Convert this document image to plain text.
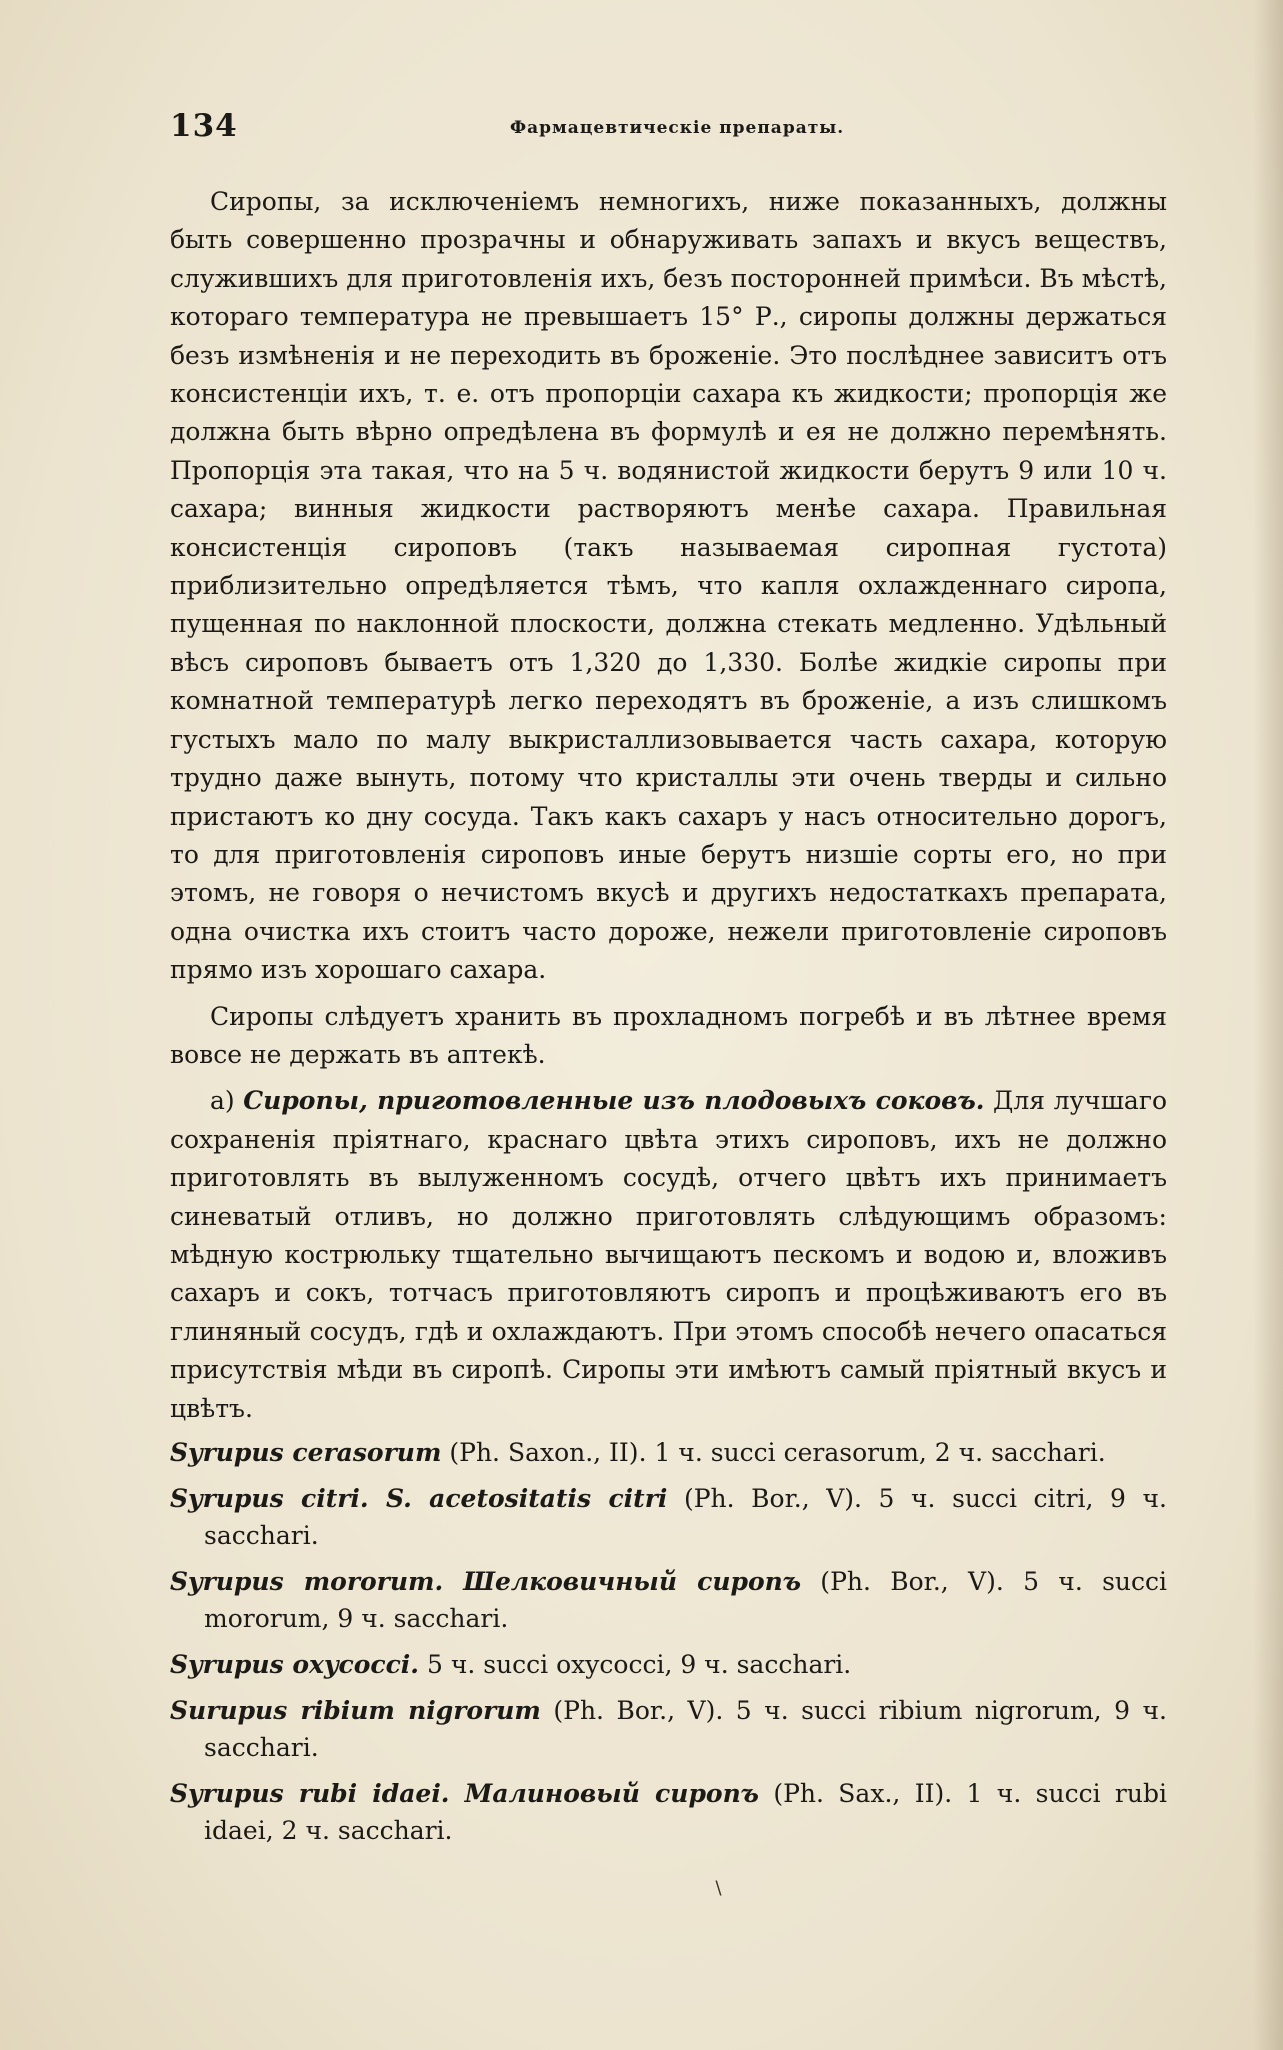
134	Фармацевтическiе препараты.

Сиропы, за исключенiемъ немногихъ, ниже показанныхъ, должны быть совершенно прозрачны и обнаруживать запахъ и вкусъ веществъ, служившихъ для приготовленiя ихъ, безъ посторонней примѣси. Въ мѣстѣ, котораго температура не превышаетъ 15° Р., сиропы должны держаться безъ измѣненiя и не переходить въ броженiе. Это послѣднее зависитъ отъ консистенцiи ихъ, т. е. отъ пропорцiи сахара къ жидкости; пропорцiя же должна быть вѣрно опредѣлена въ формулѣ и ея не должно перемѣнять. Пропорцiя эта такая, что на 5 ч. водянистой жидкости берутъ 9 или 10 ч. сахара; винныя жидкости растворяютъ менѣе сахара. Правильная консистенцiя сироповъ (такъ называемая сиропная густота) приблизительно опредѣляется тѣмъ, что капля охлажденнаго сиропа, пущенная по наклонной плоскости, должна стекать медленно. Удѣльный вѣсъ сироповъ бываетъ отъ 1,320 до 1,330. Болѣе жидкiе сиропы при комнатной температурѣ легко переходятъ въ броженiе, а изъ слишкомъ густыхъ мало по малу выкристаллизовывается часть сахара, которую трудно даже вынуть, потому что кристаллы эти очень тверды и сильно пристаютъ ко дну сосуда. Такъ какъ сахаръ у насъ относительно дорогъ, то для приготовленiя сироповъ иные берутъ низшiе сорты его, но при этомъ, не говоря о нечистомъ вкусѣ и другихъ недостаткахъ препарата, одна очистка ихъ стоитъ часто дороже, нежели приготовленiе сироповъ прямо изъ хорошаго сахара.

Сиропы слѣдуетъ хранить въ прохладномъ погребѣ и въ лѣтнее время вовсе не держать въ аптекѣ.

а) Сиропы, приготовленные изъ плодовыхъ соковъ. Для лучшаго сохраненiя прiятнаго, краснаго цвѣта этихъ сироповъ, ихъ не должно приготовлять въ вылуженномъ сосудѣ, отчего цвѣтъ ихъ принимаетъ синеватый отливъ, но должно приготовлять слѣдующимъ образомъ: мѣдную кострюльку тщательно вычищаютъ пескомъ и водою и, вложивъ сахаръ и сокъ, тотчасъ приготовляютъ сиропъ и процѣживаютъ его въ глиняный сосудъ, гдѣ и охлаждаютъ. При этомъ способѣ нечего опасаться присутствiя мѣди въ сиропѣ. Сиропы эти имѣютъ самый прiятный вкусъ и цвѣтъ.

Syrupus cerasorum (Ph. Saxon., II). 1 ч. succi cerasorum, 2 ч. sacchari.
Syrupus citri. S. acetositatis citri (Ph. Bor., V). 5 ч. succi citri, 9 ч. sacchari.
Syrupus mororum. Шелковичный сиропъ (Ph. Bor., V). 5 ч. succi mororum, 9 ч. sacchari.
Syrupus oxycocci. 5 ч. succi oxycocci, 9 ч. sacchari.
Surupus ribium nigrorum (Ph. Bor., V). 5 ч. succi ribium nigrorum, 9 ч. sacchari.
Syrupus rubi idaei. Малиновый сиропъ (Ph. Sax., II). 1 ч. succi rubi idaei, 2 ч. sacchari.
∖
